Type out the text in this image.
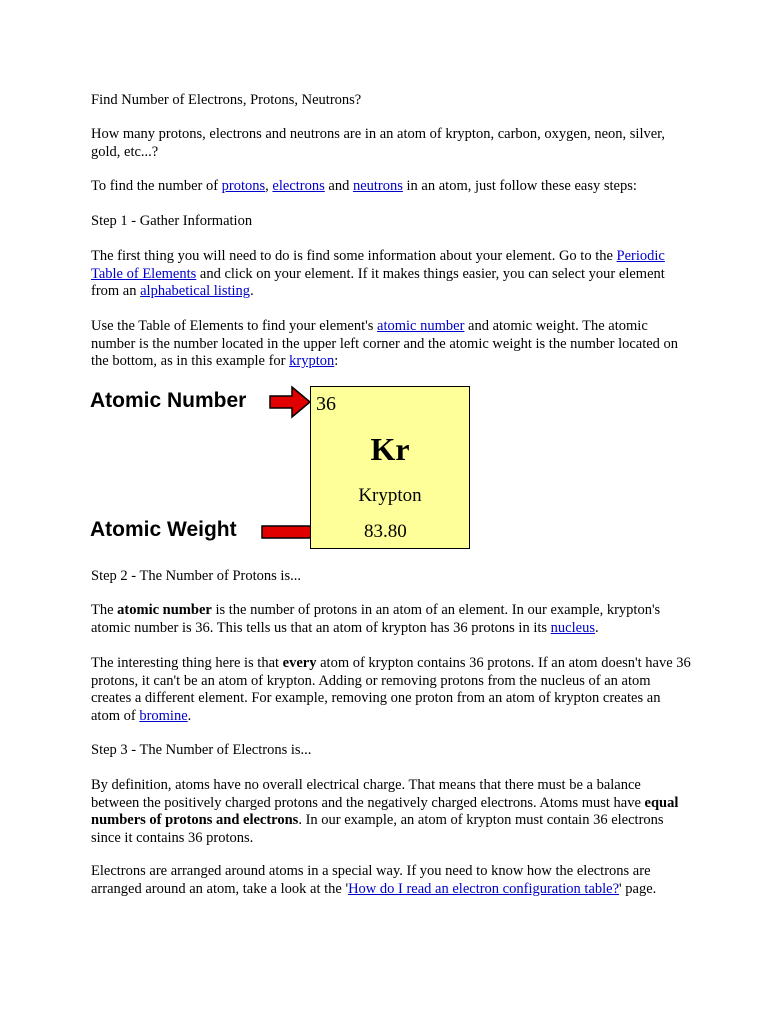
Find Number of Electrons, Protons, Neutrons?

How many protons, electrons and neutrons are in an atom of krypton, carbon, oxygen, neon, silver, gold, etc...?

To find the number of protons, electrons and neutrons in an atom, just follow these easy steps:

Step 1 - Gather Information

The first thing you will need to do is find some information about your element. Go to the Periodic Table of Elements and click on your element. If it makes things easier, you can select your element from an alphabetical listing.

Use the Table of Elements to find your element's atomic number and atomic weight. The atomic number is the number located in the upper left corner and the atomic weight is the number located on the bottom, as in this example for krypton:

Atomic Number
Atomic Weight
36
Kr
Krypton
83.80

Step 2 - The Number of Protons is...

The atomic number is the number of protons in an atom of an element. In our example, krypton's atomic number is 36. This tells us that an atom of krypton has 36 protons in its nucleus.

The interesting thing here is that every atom of krypton contains 36 protons. If an atom doesn't have 36 protons, it can't be an atom of krypton. Adding or removing protons from the nucleus of an atom creates a different element. For example, removing one proton from an atom of krypton creates an atom of bromine.

Step 3 - The Number of Electrons is...

By definition, atoms have no overall electrical charge. That means that there must be a balance between the positively charged protons and the negatively charged electrons. Atoms must have equal numbers of protons and electrons. In our example, an atom of krypton must contain 36 electrons since it contains 36 protons.

Electrons are arranged around atoms in a special way. If you need to know how the electrons are arranged around an atom, take a look at the 'How do I read an electron configuration table?' page.
